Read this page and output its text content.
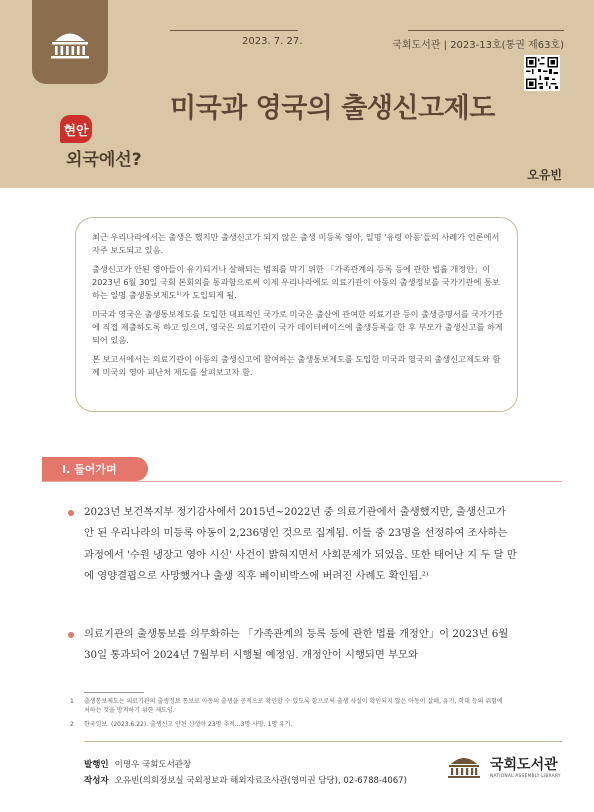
2023. 7. 27.	국회도서관 | 2023-13호(통권 제63호)
미국과 영국의 출생신고제도
현안
외국에선?
오유빈

최근 우리나라에서는 출생은 했지만 출생신고가 되지 않은 출생 미등록 영아, 일명 '유령 아동'들의 사례가 언론에서 자주 보도되고 있음.

출생신고가 안된 영아들이 유기되거나 살해되는 범죄를 막기 위한 「가족관계의 등록 등에 관한 법률 개정안」이 2023년 6월 30일 국회 본회의를 통과함으로써 이제 우리나라에도 의료기관이 아동의 출생정보를 국가기관에 통보하는 일명 출생통보제도¹⁾가 도입되게 됨.

미국과 영국은 출생통보제도를 도입한 대표적인 국가로 미국은 출산에 관여한 의료기관 등이 출생증명서를 국가기관에 직접 제출하도록 하고 있으며, 영국은 의료기관이 국가 데이터베이스에 출생등록을 한 후 부모가 출생신고를 하게 되어 있음.

본 보고서에서는 의료기관이 아동의 출생신고에 참여하는 출생통보제도를 도입한 미국과 영국의 출생신고제도와 함께 미국의 영아 피난처 제도를 살펴보고자 함.

Ⅰ. 들어가며
2023년 보건복지부 정기감사에서 2015년~2022년 중 의료기관에서 출생했지만, 출생신고가 안 된 우리나라의 미등록 아동이 2,236명인 것으로 집계됨. 이들 중 23명을 선정하여 조사하는 과정에서 '수원 냉장고 영아 시신' 사건이 밝혀지면서 사회문제가 되었음. 또한 태어난 지 두 달 만에 영양결핍으로 사망했거나 출생 직후 베이비박스에 버려진 사례도 확인됨.²⁾
의료기관의 출생통보를 의무화하는 「가족관계의 등록 등에 관한 법률 개정안」이 2023년 6월 30일 통과되어 2024년 7월부터 시행될 예정임. 개정안이 시행되면 부모와
1 출생통보제도는 의료기관의 출생정보 통보로 아동의 출생을 공적으로 확인할 수 있도록 함으로써 출생 사실이 확인되지 않은 아동이 살해, 유기, 학대 등의 위험에 처하는 것을 방지하기 위한 제도임.
2 한국일보. (2023.6.22). 출생신고 안된 신생아 23명 추적...3명 사망, 1명 유기.
발행인 이명우 국회도서관장
작성자 오유빈(의회정보실 국외정보과 해외자료조사관(영미권 담당), 02-6788-4067)
국회도서관
NATIONAL ASSEMBLY LIBRARY
